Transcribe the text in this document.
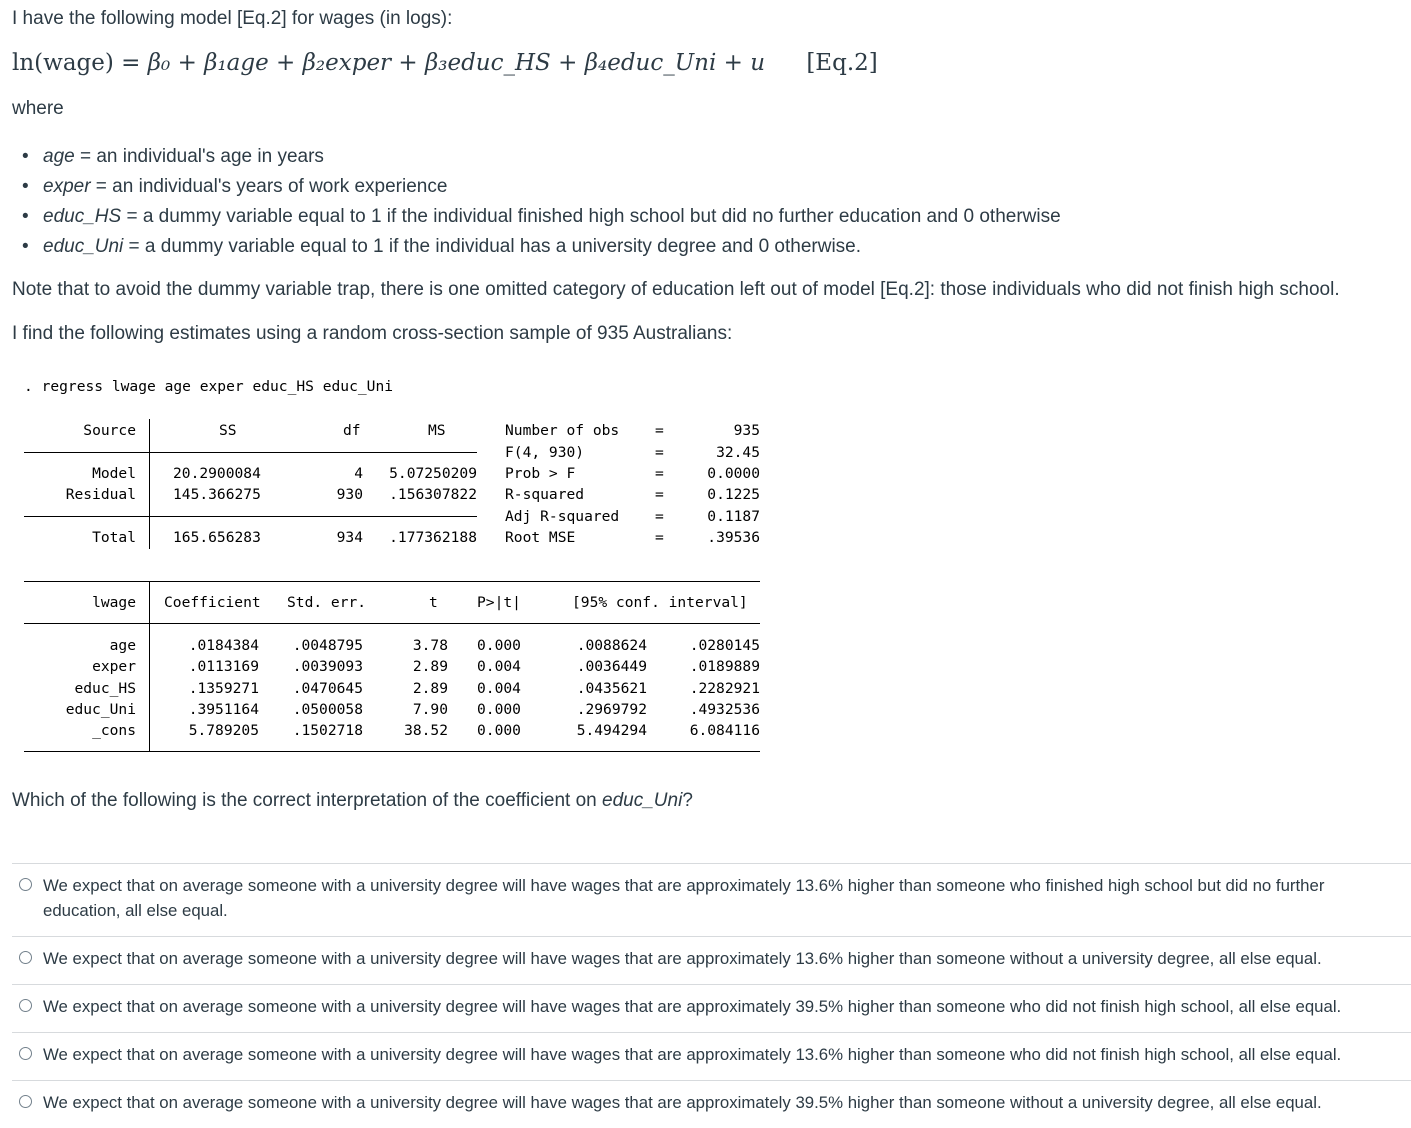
I have the following model [Eq.2] for wages (in logs):

ln(wage) = β₀ + β₁age + β₂exper + β₃educ_HS + β₄educ_Uni + u [Eq.2]

where

• age = an individual's age in years
• exper = an individual's years of work experience
• educ_HS = a dummy variable equal to 1 if the individual finished high school but did no further education and 0 otherwise
• educ_Uni = a dummy variable equal to 1 if the individual has a university degree and 0 otherwise.

Note that to avoid the dummy variable trap, there is one omitted category of education left out of model [Eq.2]: those individuals who did not finish high school.

I find the following estimates using a random cross-section sample of 935 Australians:

. regress lwage age exper educ_HS educ_Uni
Source	SS	df	MS
Model	20.2900084	4	5.07250209
Residual	145.366275	930	.156307822
Total	165.656283	934	.177362188
Number of obs =	935
F(4, 930)	=	32.45
Prob > F	=	0.0000
R-squared	=	0.1225
Adj R-squared =	0.1187
Root MSE	=	.39536
lwage Coefficient Std. err.	t	P>|t|	[95% conf. interval]
age	.0184384	.0048795	3.78 0.000	.0088624	.0280145
exper	.0113169	.0039093	2.89 0.004	.0036449	.0189889
educ_HS	.1359271	.0470645	2.89 0.004	.0435621	.2282921
educ_Uni	.3951164	.0500058	7.90 0.000	.2969792	.4932536
_cons	5.789205	.1502718	38.52 0.000	5.494294	6.084116

Which of the following is the correct interpretation of the coefficient on educ_Uni?

We expect that on average someone with a university degree will have wages that are approximately 13.6% higher than someone who finished high school but did no further education, all else equal.
We expect that on average someone with a university degree will have wages that are approximately 13.6% higher than someone without a university degree, all else equal.
We expect that on average someone with a university degree will have wages that are approximately 39.5% higher than someone who did not finish high school, all else equal.
We expect that on average someone with a university degree will have wages that are approximately 13.6% higher than someone who did not finish high school, all else equal.
We expect that on average someone with a university degree will have wages that are approximately 39.5% higher than someone without a university degree, all else equal.
